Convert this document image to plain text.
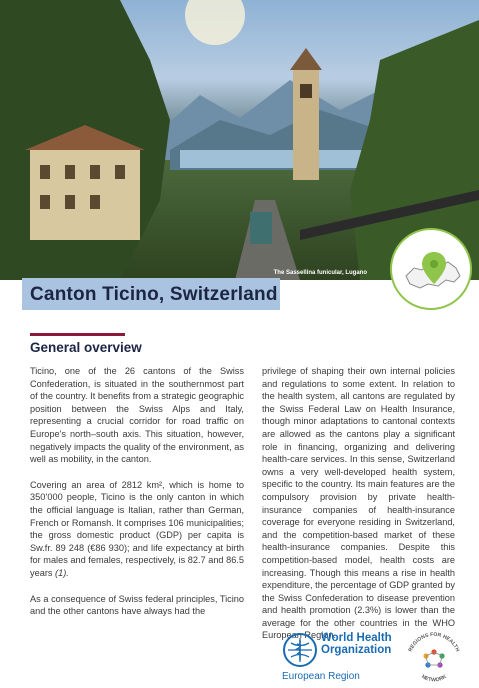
The Sassellina funicular, Lugano
Canton Ticino, Switzerland
General overview

Ticino, one of the 26 cantons of the Swiss Confederation, is situated in the southernmost part of the country. It benefits from a strategic geographic position between the Swiss Alps and Italy, representing a crucial corridor for road traffic on Europe's north–south axis. This situation, however, negatively impacts the quality of the environment, as well as mobility, in the canton.

Covering an area of 2812 km², which is home to 350’000 people, Ticino is the only canton in which the official language is Italian, rather than German, French or Romansh. It comprises 106 municipalities; the gross domestic product (GDP) per capita is Sw.fr. 89 248 (€86 930); and life expectancy at birth for males and females, respectively, is 82.7 and 86.5 years (1).

As a consequence of Swiss federal principles, Ticino and the other cantons have always had the

privilege of shaping their own internal policies and regulations to some extent. In relation to the health system, all cantons are regulated by the Swiss Federal Law on Health Insurance, though minor adaptations to cantonal contexts are allowed as the cantons play a significant role in financing, organizing and delivering health-care services. In this sense, Switzerland owns a very well-developed health system, specific to the country. Its main features are the compulsory provision by private health-insurance companies of health-insurance coverage for everyone residing in Switzerland, and the competition-based market of these health-insurance companies. Despite this competition-based model, health costs are increasing. Though this means a rise in health expenditure, the percentage of GDP granted by the Swiss Confederation to disease prevention and health promotion (2.3%) is lower than the average for the other countries in the WHO European Region.

World Health
Organization
European Region
REGIONS FOR HEALTH
NETWORK
